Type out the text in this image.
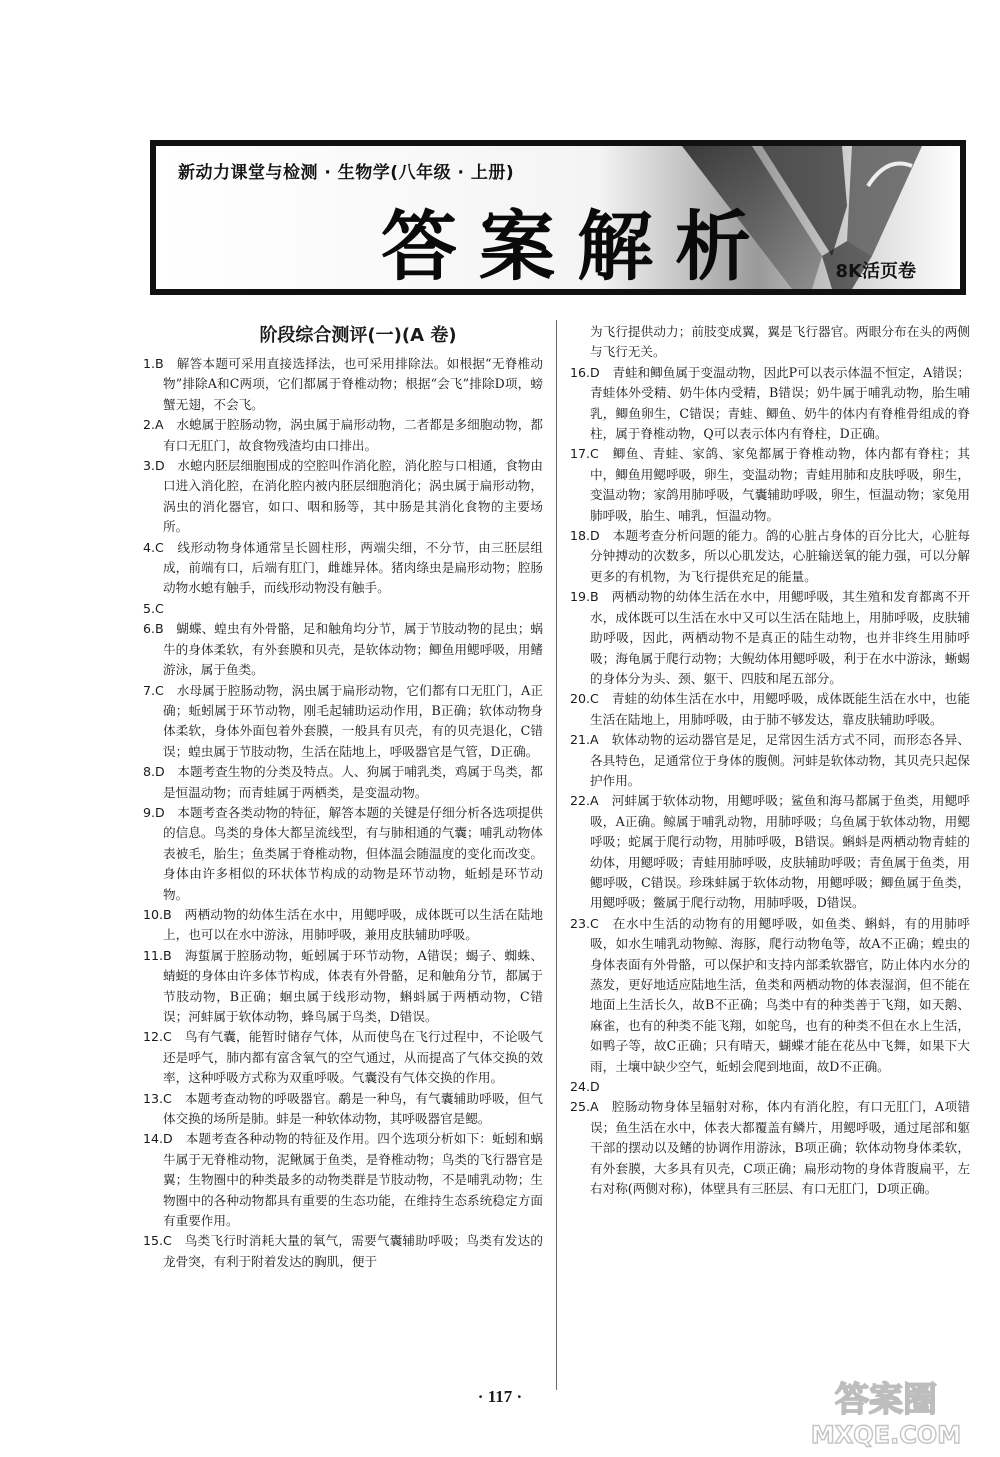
新动力课堂与检测 · 生物学(八年级 · 上册)
答案解析	8K活页卷
阶段综合测评(一)(A 卷)

1.B　 解答本题可采用直接选择法，也可采用排除法。如根据“无脊椎动物”排除A和C两项，它们都属于脊椎动物；根据“会飞”排除D项，螃蟹无翅，不会飞。

2.A　 水螅属于腔肠动物，涡虫属于扁形动物，二者都是多细胞动物，都有口无肛门，故食物残渣均由口排出。

3.D　 水螅内胚层细胞围成的空腔叫作消化腔，消化腔与口相通，食物由口进入消化腔，在消化腔内被内胚层细胞消化；涡虫属于扁形动物，涡虫的消化器官，如口、咽和肠等，其中肠是其消化食物的主要场所。

4.C　 线形动物身体通常呈长圆柱形，两端尖细，不分节，由三胚层组成，前端有口，后端有肛门，雌雄异体。猪肉绦虫是扁形动物；腔肠动物水螅有触手，而线形动物没有触手。

5.C

6.B　 蝴蝶、蝗虫有外骨骼，足和触角均分节，属于节肢动物的昆虫；蜗牛的身体柔软，有外套膜和贝壳，是软体动物；鲫鱼用鳃呼吸，用鳍游泳，属于鱼类。

7.C　 水母属于腔肠动物，涡虫属于扁形动物，它们都有口无肛门，A正确；蚯蚓属于环节动物，刚毛起辅助运动作用，B正确；软体动物身体柔软，身体外面包着外套膜，一般具有贝壳，有的贝壳退化，C错误；蝗虫属于节肢动物，生活在陆地上，呼吸器官是气管，D正确。

8.D　 本题考查生物的分类及特点。人、狗属于哺乳类，鸡属于鸟类，都是恒温动物；而青蛙属于两栖类，是变温动物。

9.D　 本题考查各类动物的特征，解答本题的关键是仔细分析各选项提供的信息。鸟类的身体大都呈流线型，有与肺相通的气囊；哺乳动物体表被毛，胎生；鱼类属于脊椎动物，但体温会随温度的变化而改变。身体由许多相似的环状体节构成的动物是环节动物，蚯蚓是环节动物。

10.B　 两栖动物的幼体生活在水中，用鳃呼吸，成体既可以生活在陆地上，也可以在水中游泳，用肺呼吸，兼用皮肤辅助呼吸。

11.B　 海蜇属于腔肠动物，蚯蚓属于环节动物，A错误；蝎子、蜘蛛、蜻蜓的身体由许多体节构成，体表有外骨骼，足和触角分节，都属于节肢动物，B正确；蛔虫属于线形动物，蝌蚪属于两栖动物，C错误；河蚌属于软体动物，蜂鸟属于鸟类，D错误。

12.C　 鸟有气囊，能暂时储存气体，从而使鸟在飞行过程中，不论吸气还是呼气，肺内都有富含氧气的空气通过，从而提高了气体交换的效率，这种呼吸方式称为双重呼吸。气囊没有气体交换的作用。

13.C　 本题考查动物的呼吸器官。鹬是一种鸟，有气囊辅助呼吸，但气体交换的场所是肺。蚌是一种软体动物，其呼吸器官是鳃。

14.D　 本题考查各种动物的特征及作用。四个选项分析如下：蚯蚓和蜗牛属于无脊椎动物，泥鳅属于鱼类，是脊椎动物；鸟类的飞行器官是翼；生物圈中的种类最多的动物类群是节肢动物，不是哺乳动物；生物圈中的各种动物都具有重要的生态功能，在维持生态系统稳定方面有重要作用。

15.C　 鸟类飞行时消耗大量的氧气，需要气囊辅助呼吸；鸟类有发达的龙骨突，有利于附着发达的胸肌，便于

为飞行提供动力；前肢变成翼，翼是飞行器官。两眼分布在头的两侧与飞行无关。

16.D　 青蛙和鲫鱼属于变温动物，因此P可以表示体温不恒定，A错误；青蛙体外受精、奶牛体内受精，B错误；奶牛属于哺乳动物，胎生哺乳，鲫鱼卵生，C错误；青蛙、鲫鱼、奶牛的体内有脊椎骨组成的脊柱，属于脊椎动物，Q可以表示体内有脊柱，D正确。

17.C　 鲫鱼、青蛙、家鸽、家兔都属于脊椎动物，体内都有脊柱；其中，鲫鱼用鳃呼吸，卵生，变温动物；青蛙用肺和皮肤呼吸，卵生，变温动物；家鸽用肺呼吸，气囊辅助呼吸，卵生，恒温动物；家兔用肺呼吸，胎生、哺乳，恒温动物。

18.D　 本题考查分析问题的能力。鸽的心脏占身体的百分比大，心脏每分钟搏动的次数多，所以心肌发达，心脏输送氧的能力强，可以分解更多的有机物，为飞行提供充足的能量。

19.B　 两栖动物的幼体生活在水中，用鳃呼吸，其生殖和发育都离不开水，成体既可以生活在水中又可以生活在陆地上，用肺呼吸，皮肤辅助呼吸，因此，两栖动物不是真正的陆生动物，也并非终生用肺呼吸；海龟属于爬行动物；大鲵幼体用鳃呼吸，利于在水中游泳，蜥蜴的身体分为头、颈、躯干、四肢和尾五部分。

20.C　 青蛙的幼体生活在水中，用鳃呼吸，成体既能生活在水中，也能生活在陆地上，用肺呼吸，由于肺不够发达，靠皮肤辅助呼吸。

21.A　 软体动物的运动器官是足，足常因生活方式不同，而形态各异、各具特色，足通常位于身体的腹侧。河蚌是软体动物，其贝壳只起保护作用。

22.A　 河蚌属于软体动物，用鳃呼吸；鲨鱼和海马都属于鱼类，用鳃呼吸，A正确。鲸属于哺乳动物，用肺呼吸；乌鱼属于软体动物，用鳃呼吸；蛇属于爬行动物，用肺呼吸，B错误。蝌蚪是两栖动物青蛙的幼体，用鳃呼吸；青蛙用肺呼吸，皮肤辅助呼吸；青鱼属于鱼类，用鳃呼吸，C错误。珍珠蚌属于软体动物，用鳃呼吸；鲫鱼属于鱼类，用鳃呼吸；鳖属于爬行动物，用肺呼吸，D错误。

23.C　 在水中生活的动物有的用鳃呼吸，如鱼类、蝌蚪，有的用肺呼吸，如水生哺乳动物鲸、海豚，爬行动物龟等，故A不正确；蝗虫的身体表面有外骨骼，可以保护和支持内部柔软器官，防止体内水分的蒸发，更好地适应陆地生活，鱼类和两栖动物的体表湿润，但不能在地面上生活长久，故B不正确；鸟类中有的种类善于飞翔，如天鹅、麻雀，也有的种类不能飞翔，如鸵鸟，也有的种类不但在水上生活，如鸭子等，故C正确；只有晴天，蝴蝶才能在花丛中飞舞，如果下大雨，土壤中缺少空气，蚯蚓会爬到地面，故D不正确。

24.D

25.A　 腔肠动物身体呈辐射对称，体内有消化腔，有口无肛门，A项错误；鱼生活在水中，体表大都覆盖有鳞片，用鳃呼吸，通过尾部和躯干部的摆动以及鳍的协调作用游泳，B项正确；软体动物身体柔软，有外套膜，大多具有贝壳，C项正确；扁形动物的身体背腹扁平，左右对称(两侧对称)，体壁具有三胚层、有口无肛门，D项正确。

· 117 ·	答案圈
MXQE.COM
